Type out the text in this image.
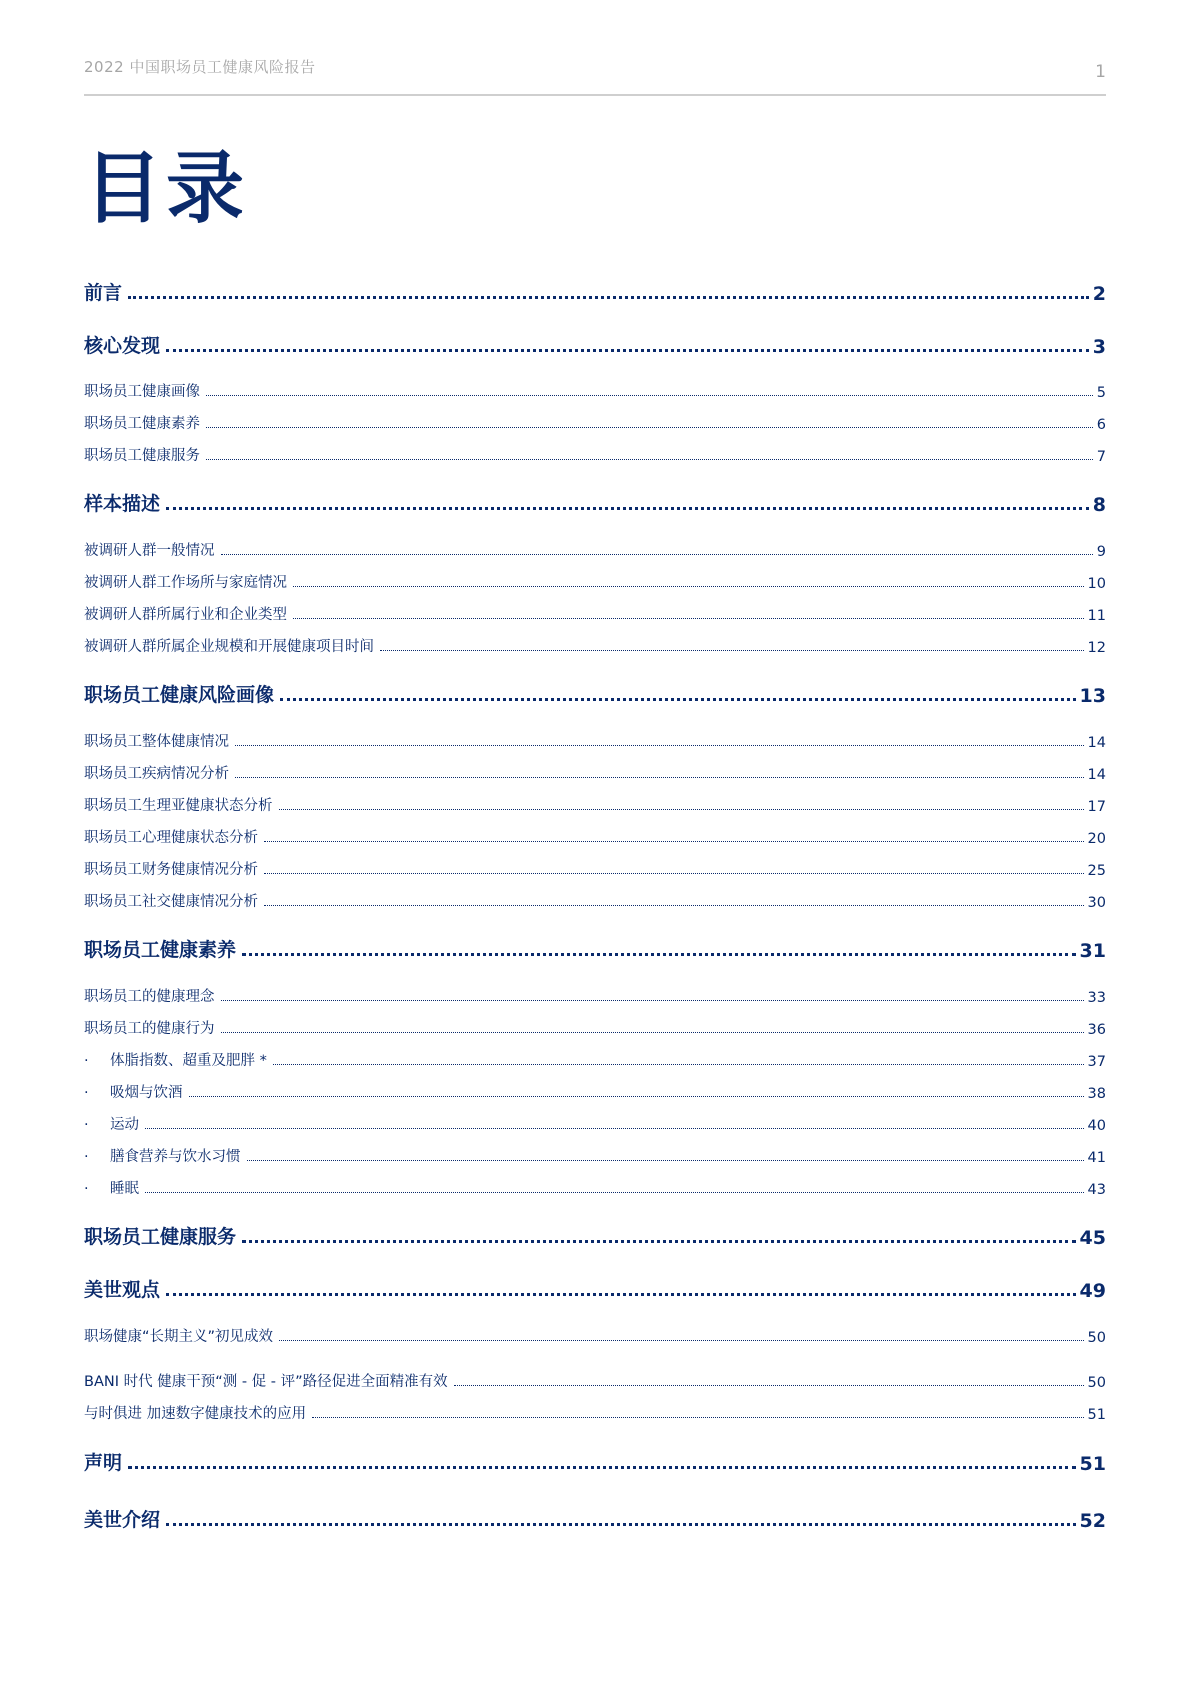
2022 中国职场员工健康风险报告	1
目录
前言	2
核心发现	3
职场员工健康画像	5
职场员工健康素养	6
职场员工健康服务	7
样本描述	8
被调研人群一般情况	9
被调研人群工作场所与家庭情况	10
被调研人群所属行业和企业类型	11
被调研人群所属企业规模和开展健康项目时间	12
职场员工健康风险画像	13
职场员工整体健康情况	14
职场员工疾病情况分析	14
职场员工生理亚健康状态分析	17
职场员工心理健康状态分析	20
职场员工财务健康情况分析	25
职场员工社交健康情况分析	30
职场员工健康素养	31
职场员工的健康理念	33
职场员工的健康行为	36
· 体脂指数、超重及肥胖 *	37
· 吸烟与饮酒	38
· 运动	40
· 膳食营养与饮水习惯	41
· 睡眠	43
职场员工健康服务	45
美世观点	49
职场健康“长期主义”初见成效	50
BANI 时代 健康干预“测 - 促 - 评”路径促进全面精准有效	50
与时俱进 加速数字健康技术的应用	51
声明	51
美世介绍	52
